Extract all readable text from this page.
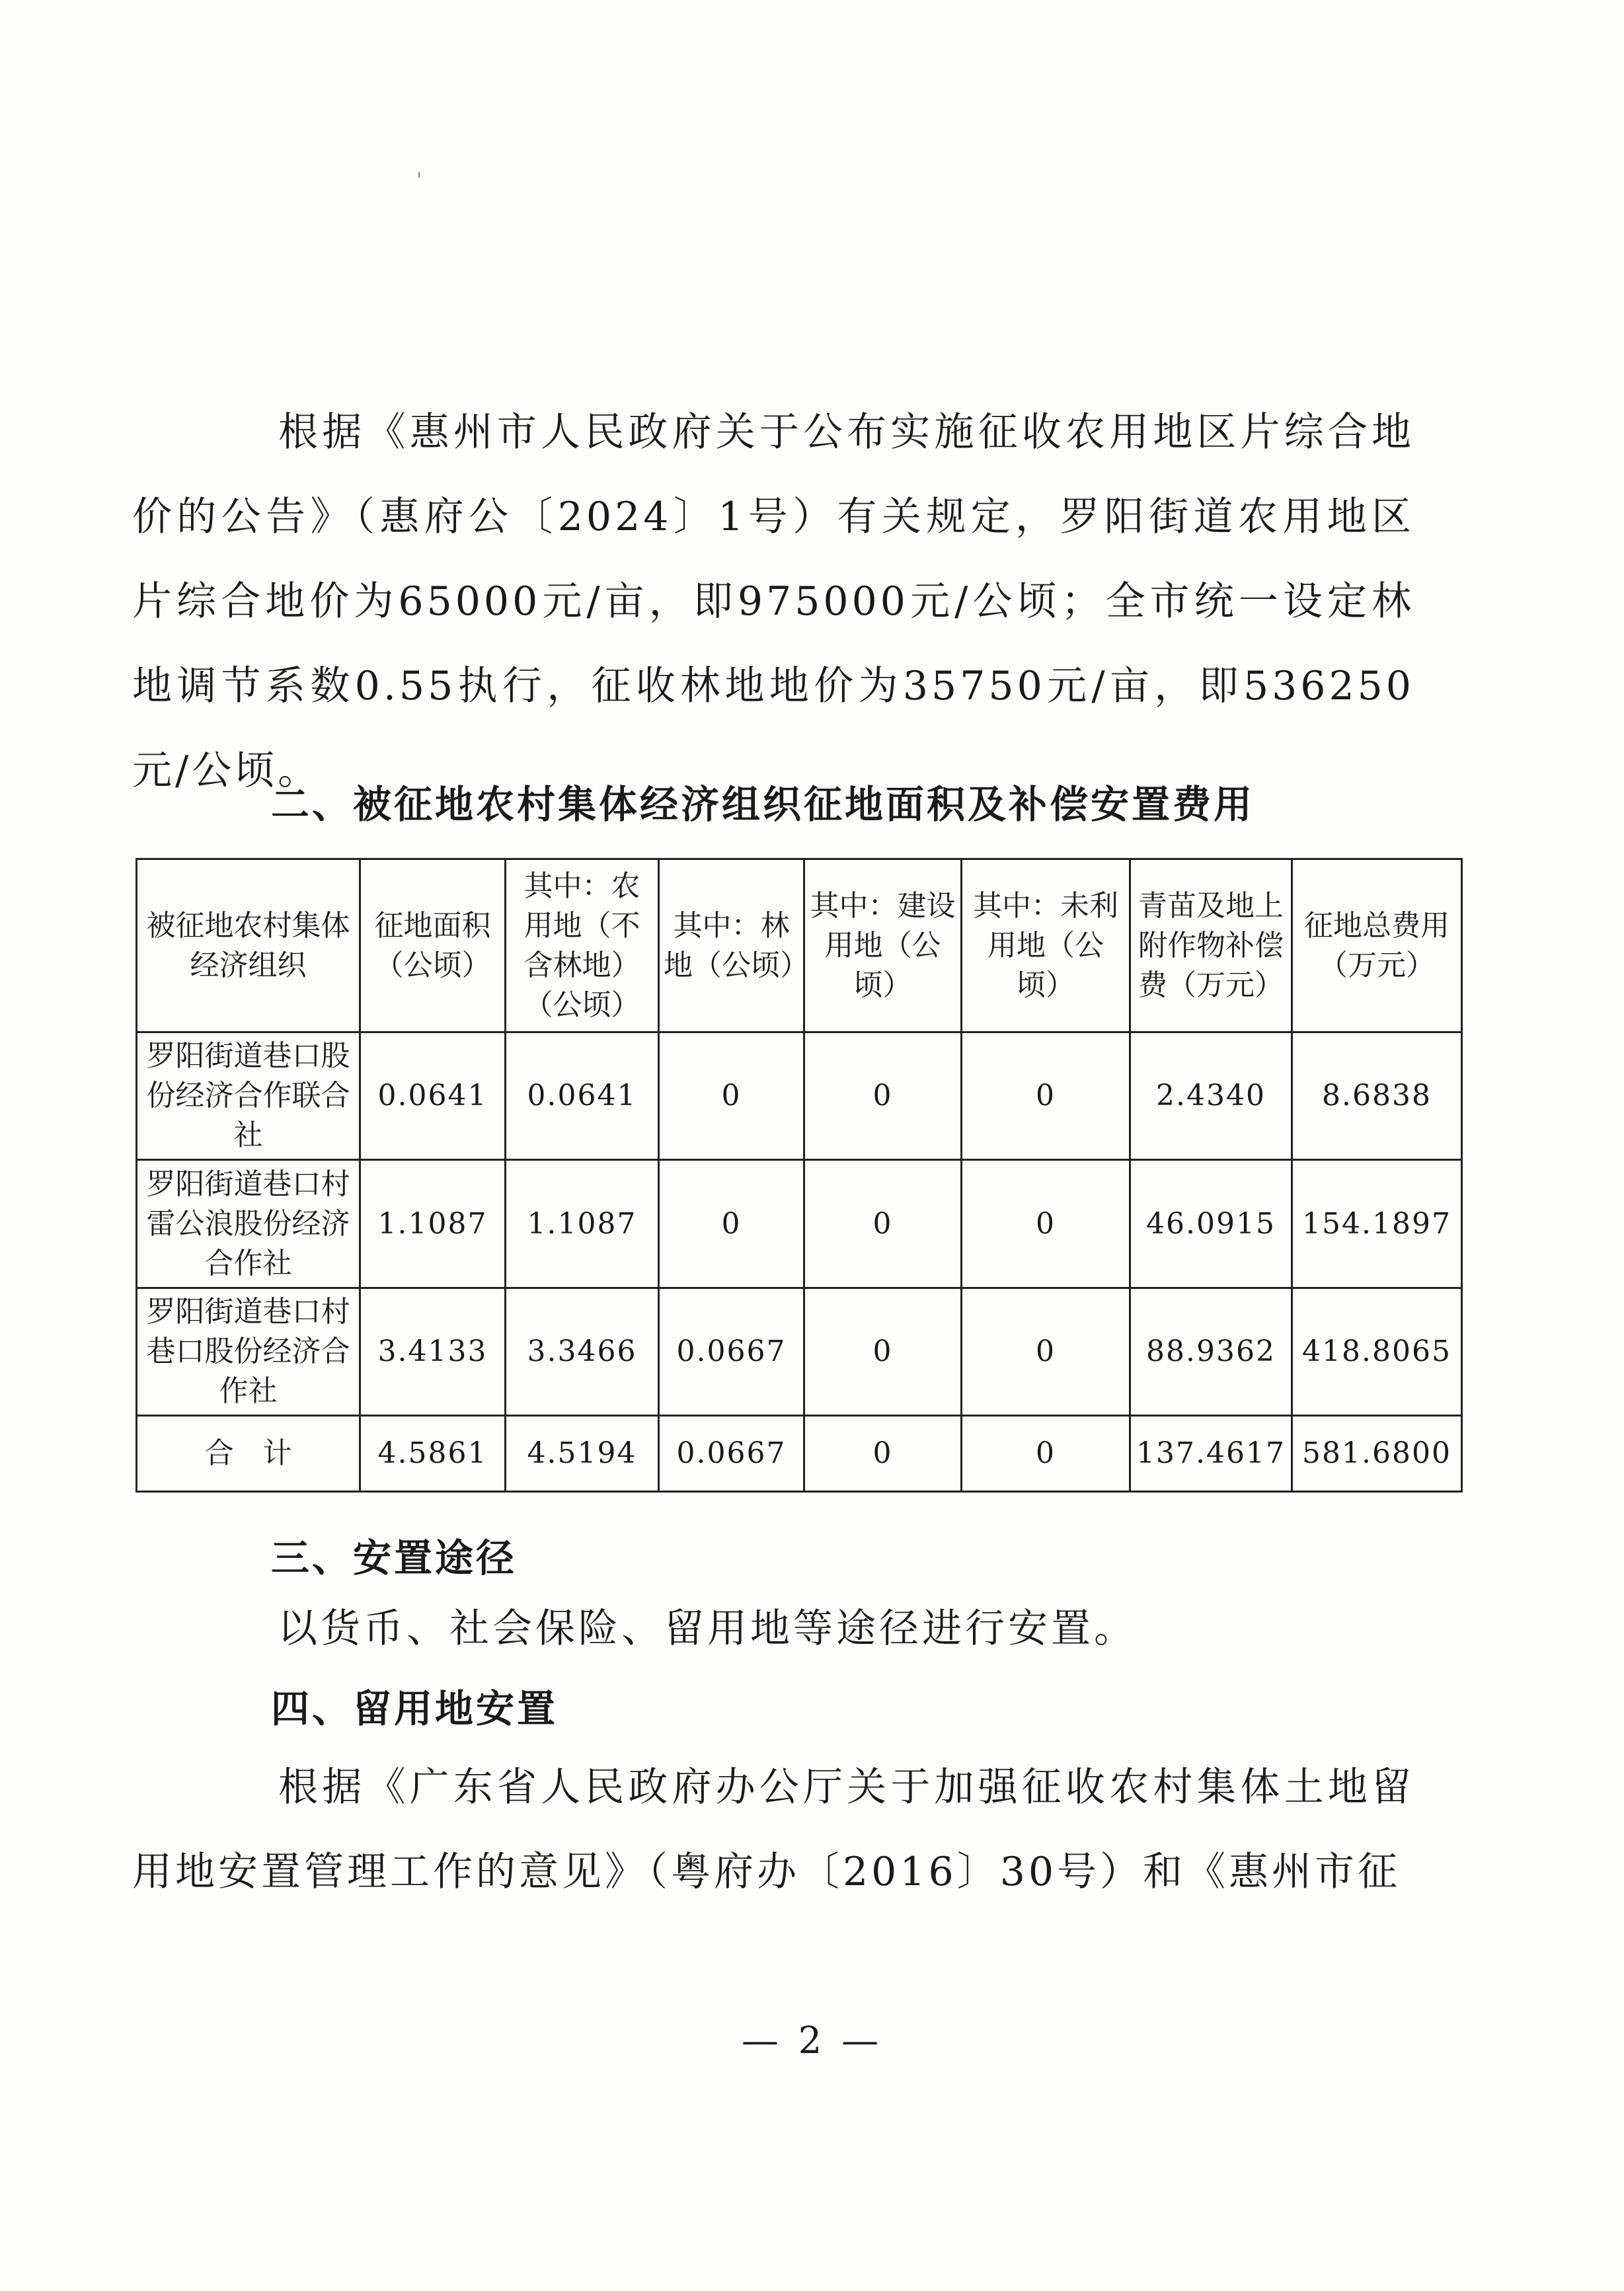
'
根据《惠州市人民政府关于公布实施征收农用地区片综合地价的公告》（惠府公〔2024〕1号）有关规定，罗阳街道农用地区片综合地价为65000元/亩，即975000元/公顷；全市统一设定林地调节系数0.55执行，征收林地地价为35750元/亩，即536250元/公顷。
二、被征地农村集体经济组织征地面积及补偿安置费用
被征地农村集体经济组织	征地面积（公顷）	其中：农用地（不含林地）（公顷）	其中：林地（公顷）	其中：建设用地（公顷）	其中：未利用地（公顷）	青苗及地上附作物补偿费（万元）	征地总费用（万元）
罗阳街道巷口股份经济合作联合社	0.0641	0.0641	0	0	0	2.4340	8.6838
罗阳街道巷口村雷公浪股份经济合作社	1.1087	1.1087	0	0	0	46.0915	154.1897
罗阳街道巷口村巷口股份经济合作社	3.4133	3.3466	0.0667	0	0	88.9362	418.8065
合　计	4.5861	4.5194	0.0667	0	0	137.4617	581.6800
三、安置途径
以货币、社会保险、留用地等途径进行安置。
四、留用地安置
根据《广东省人民政府办公厅关于加强征收农村集体土地留用地安置管理工作的意见》（粤府办〔2016〕30号）和《惠州市征
— 2 —
